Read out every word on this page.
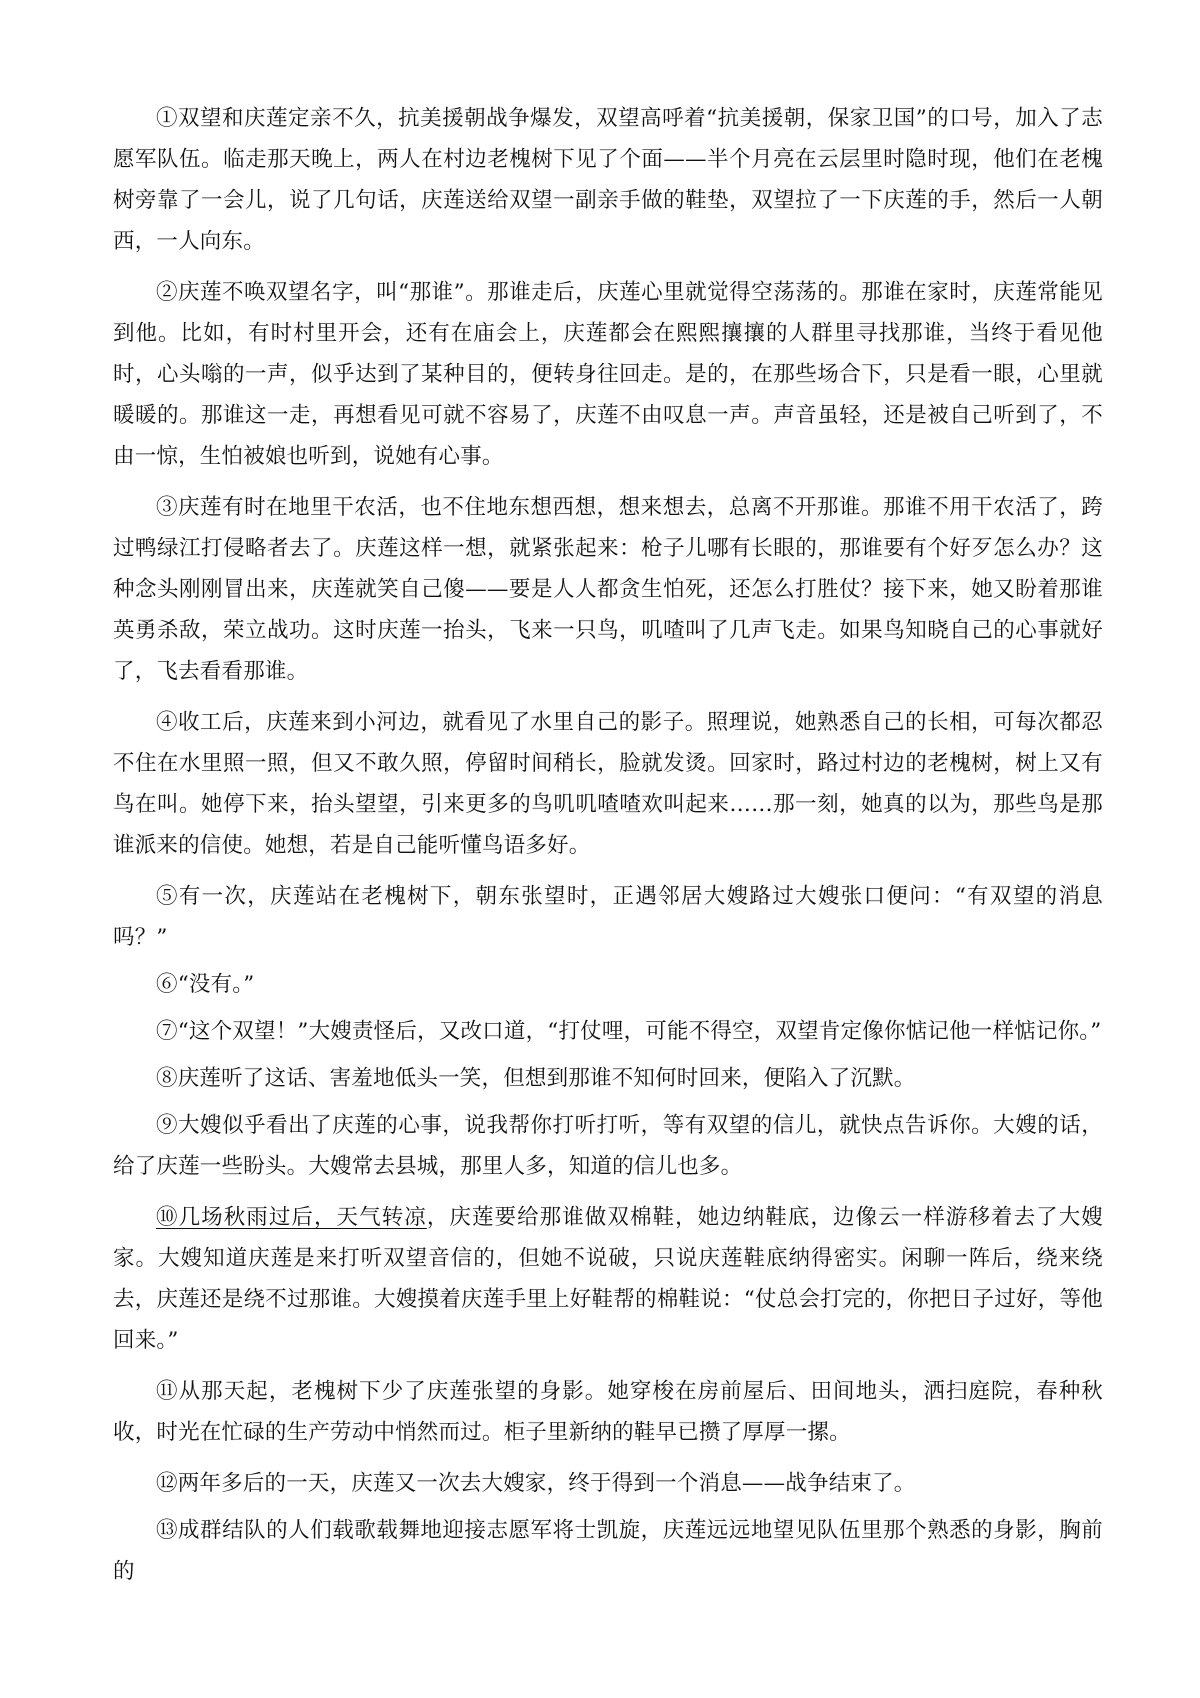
①双望和庆莲定亲不久，抗美援朝战争爆发，双望高呼着“抗美援朝，保家卫国”的口号，加入了志愿军队伍。临走那天晚上，两人在村边老槐树下见了个面——半个月亮在云层里时隐时现，他们在老槐树旁靠了一会儿，说了几句话，庆莲送给双望一副亲手做的鞋垫，双望拉了一下庆莲的手，然后一人朝西，一人向东。

②庆莲不唤双望名字，叫“那谁”。那谁走后，庆莲心里就觉得空荡荡的。那谁在家时，庆莲常能见到他。比如，有时村里开会，还有在庙会上，庆莲都会在熙熙攘攘的人群里寻找那谁，当终于看见他时，心头嗡的一声，似乎达到了某种目的，便转身往回走。是的，在那些场合下，只是看一眼，心里就暖暖的。那谁这一走，再想看见可就不容易了，庆莲不由叹息一声。声音虽轻，还是被自己听到了，不由一惊，生怕被娘也听到，说她有心事。

③庆莲有时在地里干农活，也不住地东想西想，想来想去，总离不开那谁。那谁不用干农活了，跨过鸭绿江打侵略者去了。庆莲这样一想，就紧张起来：枪子儿哪有长眼的，那谁要有个好歹怎么办？这种念头刚刚冒出来，庆莲就笑自己傻——要是人人都贪生怕死，还怎么打胜仗？接下来，她又盼着那谁英勇杀敌，荣立战功。这时庆莲一抬头，飞来一只鸟，叽喳叫了几声飞走。如果鸟知晓自己的心事就好了，飞去看看那谁。

④收工后，庆莲来到小河边，就看见了水里自己的影子。照理说，她熟悉自己的长相，可每次都忍不住在水里照一照，但又不敢久照，停留时间稍长，脸就发烫。回家时，路过村边的老槐树，树上又有鸟在叫。她停下来，抬头望望，引来更多的鸟叽叽喳喳欢叫起来……那一刻，她真的以为，那些鸟是那谁派来的信使。她想，若是自己能听懂鸟语多好。

⑤有一次，庆莲站在老槐树下，朝东张望时，正遇邻居大嫂路过大嫂张口便问：“有双望的消息吗？”

⑥“没有。”

⑦“这个双望！”大嫂责怪后，又改口道，“打仗哩，可能不得空，双望肯定像你惦记他一样惦记你。”

⑧庆莲听了这话、害羞地低头一笑，但想到那谁不知何时回来，便陷入了沉默。

⑨大嫂似乎看出了庆莲的心事，说我帮你打听打听，等有双望的信儿，就快点告诉你。大嫂的话，给了庆莲一些盼头。大嫂常去县城，那里人多，知道的信儿也多。

⑩几场秋雨过后，天气转凉，庆莲要给那谁做双棉鞋，她边纳鞋底，边像云一样游移着去了大嫂家。大嫂知道庆莲是来打听双望音信的，但她不说破，只说庆莲鞋底纳得密实。闲聊一阵后，绕来绕去，庆莲还是绕不过那谁。大嫂摸着庆莲手里上好鞋帮的棉鞋说：“仗总会打完的，你把日子过好，等他回来。”

⑪从那天起，老槐树下少了庆莲张望的身影。她穿梭在房前屋后、田间地头，洒扫庭院，春种秋收，时光在忙碌的生产劳动中悄然而过。柜子里新纳的鞋早已攒了厚厚一摞。

⑫两年多后的一天，庆莲又一次去大嫂家，终于得到一个消息——战争结束了。

⑬成群结队的人们载歌载舞地迎接志愿军将士凯旋，庆莲远远地望见队伍里那个熟悉的身影，胸前的
